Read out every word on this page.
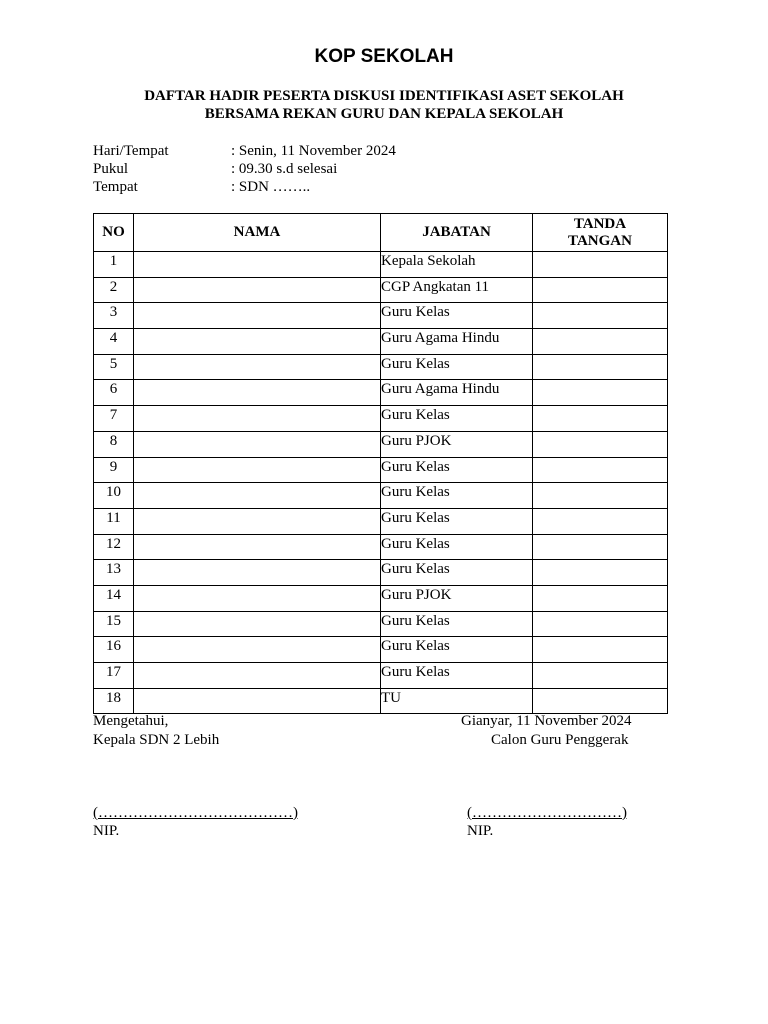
KOP SEKOLAH
DAFTAR HADIR PESERTA DISKUSI IDENTIFIKASI ASET SEKOLAH
BERSAMA REKAN GURU DAN KEPALA SEKOLAH
Hari/Tempat	: Senin, 11 November 2024
Pukul	: 09.30 s.d selesai
Tempat	: SDN ……..
NO	NAMA	JABATAN	TANDA
TANGAN
1		Kepala Sekolah	
2		CGP Angkatan 11	
3		Guru Kelas	
4		Guru Agama Hindu	
5		Guru Kelas	
6		Guru Agama Hindu	
7		Guru Kelas	
8		Guru PJOK	
9		Guru Kelas	
10		Guru Kelas	
11		Guru Kelas	
12		Guru Kelas	
13		Guru Kelas	
14		Guru PJOK	
15		Guru Kelas	
16		Guru Kelas	
17		Guru Kelas	
18		TU	
Mengetahui,
Kepala SDN 2 Lebih
(…………………………………)
NIP.
Gianyar, 11 November 2024
Calon Guru Penggerak
(…………………………)
NIP.
